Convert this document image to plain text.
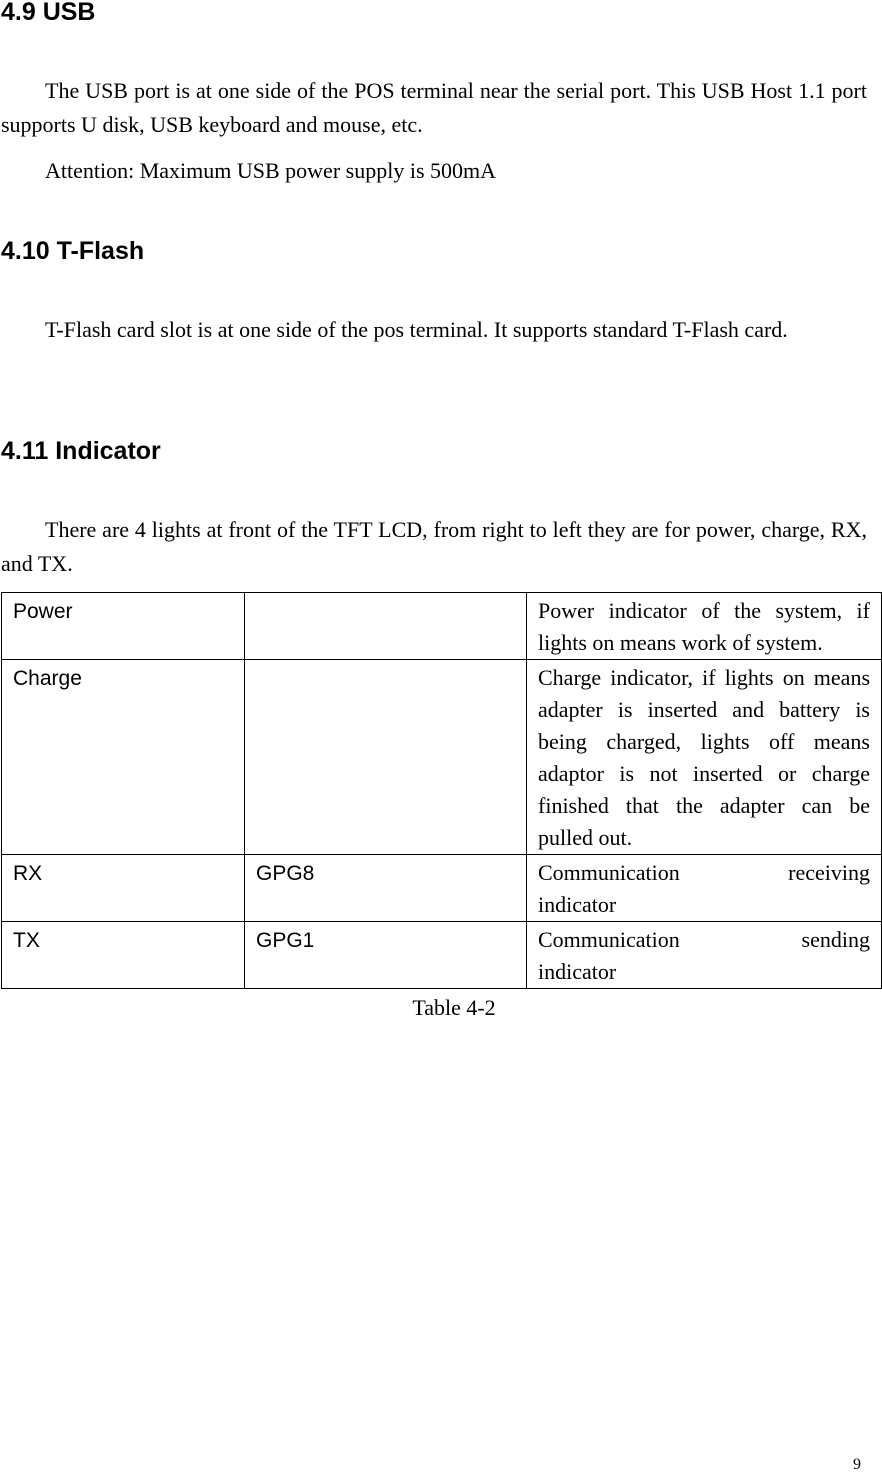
4.9 USB

The USB port is at one side of the POS terminal near the serial port. This USB Host 1.1 port supports U disk, USB keyboard and mouse, etc.

Attention: Maximum USB power supply is 500mA

4.10 T-Flash

T-Flash card slot is at one side of the pos terminal. It supports standard T-Flash card.

4.11 Indicator

There are 4 lights at front of the TFT LCD, from right to left they are for power, charge, RX, and TX.

Power		Power indicator of the system, if lights on means work of system.
Charge		Charge indicator, if lights on means adapter is inserted and battery is being charged, lights off means adaptor is not inserted or charge finished that the adapter can be pulled out.
RX	GPG8	Communication receiving
indicator

TX	GPG1	Communication sending
indicator
Table 4-2
9
